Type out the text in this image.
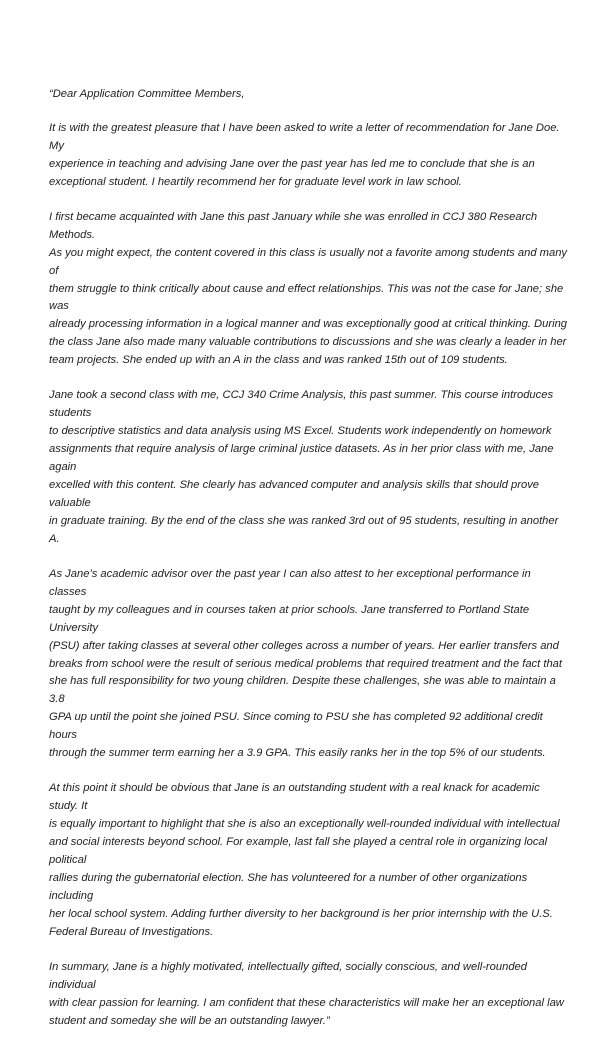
“Dear Application Committee Members,

It is with the greatest pleasure that I have been asked to write a letter of recommendation for Jane Doe. My
experience in teaching and advising Jane over the past year has led me to conclude that she is an
exceptional student. I heartily recommend her for graduate level work in law school.

I first became acquainted with Jane this past January while she was enrolled in CCJ 380 Research Methods.
As you might expect, the content covered in this class is usually not a favorite among students and many of
them struggle to think critically about cause and effect relationships. This was not the case for Jane; she was
already processing information in a logical manner and was exceptionally good at critical thinking. During
the class Jane also made many valuable contributions to discussions and she was clearly a leader in her
team projects. She ended up with an A in the class and was ranked 15th out of 109 students.

Jane took a second class with me, CCJ 340 Crime Analysis, this past summer. This course introduces students
to descriptive statistics and data analysis using MS Excel. Students work independently on homework
assignments that require analysis of large criminal justice datasets. As in her prior class with me, Jane again
excelled with this content. She clearly has advanced computer and analysis skills that should prove valuable
in graduate training. By the end of the class she was ranked 3rd out of 95 students, resulting in another A.

As Jane’s academic advisor over the past year I can also attest to her exceptional performance in classes
taught by my colleagues and in courses taken at prior schools. Jane transferred to Portland State University
(PSU) after taking classes at several other colleges across a number of years. Her earlier transfers and
breaks from school were the result of serious medical problems that required treatment and the fact that
she has full responsibility for two young children. Despite these challenges, she was able to maintain a 3.8
GPA up until the point she joined PSU. Since coming to PSU she has completed 92 additional credit hours
through the summer term earning her a 3.9 GPA. This easily ranks her in the top 5% of our students.

At this point it should be obvious that Jane is an outstanding student with a real knack for academic study. It
is equally important to highlight that she is also an exceptionally well-rounded individual with intellectual
and social interests beyond school. For example, last fall she played a central role in organizing local political
rallies during the gubernatorial election. She has volunteered for a number of other organizations including
her local school system. Adding further diversity to her background is her prior internship with the U.S.
Federal Bureau of Investigations.

In summary, Jane is a highly motivated, intellectually gifted, socially conscious, and well-rounded individual
with clear passion for learning. I am confident that these characteristics will make her an exceptional law
student and someday she will be an outstanding lawyer.”
